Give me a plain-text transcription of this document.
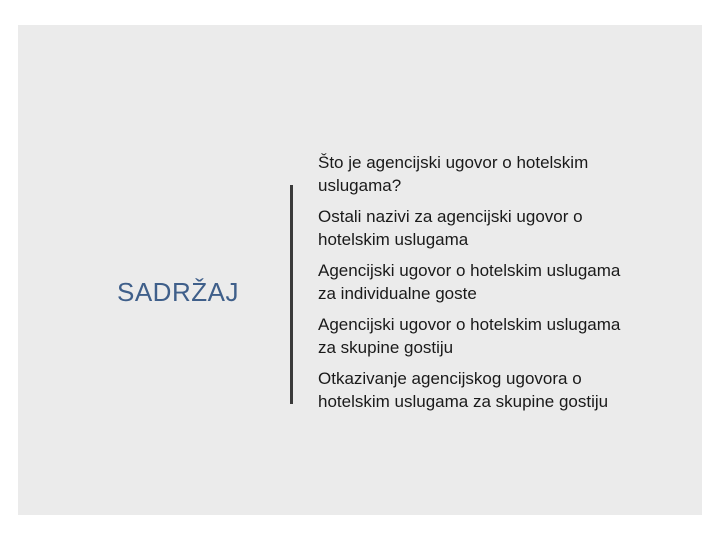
SADRŽAJ

Što je agencijski ugovor o hotelskim
uslugama?

Ostali nazivi za agencijski ugovor o
hotelskim uslugama

Agencijski ugovor o hotelskim uslugama
za individualne goste

Agencijski ugovor o hotelskim uslugama
za skupine gostiju

Otkazivanje agencijskog ugovora o
hotelskim uslugama za skupine gostiju
